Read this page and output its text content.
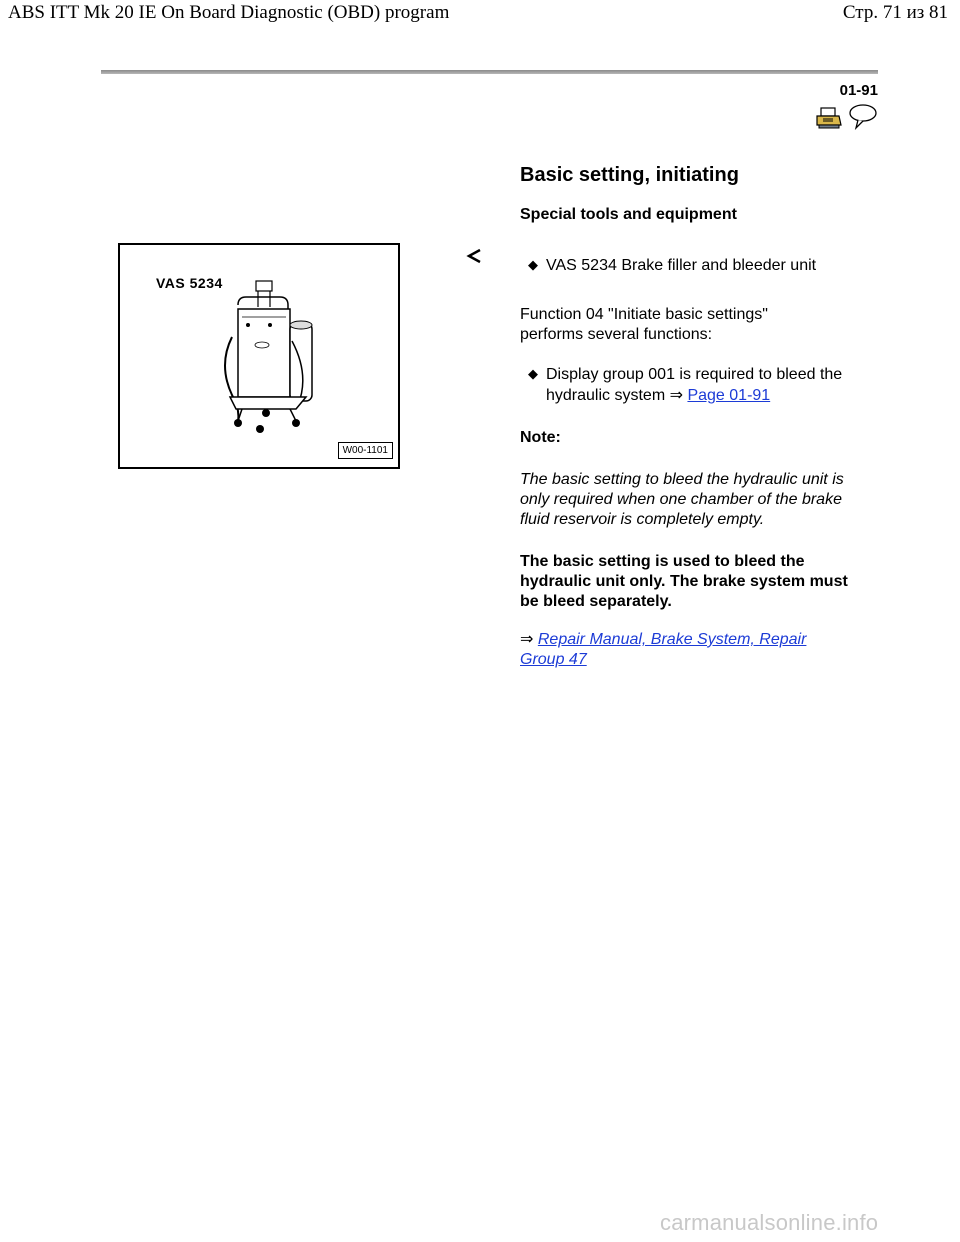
ABS ITT Mk 20 IE On Board Diagnostic (OBD) program	Стр. 71 из 81
01-91
Basic setting, initiating
Special tools and equipment
VAS 5234
W00-1101
◆ VAS 5234 Brake filler and bleeder unit
Function 04 "Initiate basic settings" performs several functions:
◆ Display group 001 is required to bleed the hydraulic system ⇒ Page 01-91
Note:
The basic setting to bleed the hydraulic unit is only required when one chamber of the brake fluid reservoir is completely empty.
The basic setting is used to bleed the hydraulic unit only. The brake system must be bleed separately.
⇒ Repair Manual, Brake System, Repair Group 47
carmanualsonline.info
